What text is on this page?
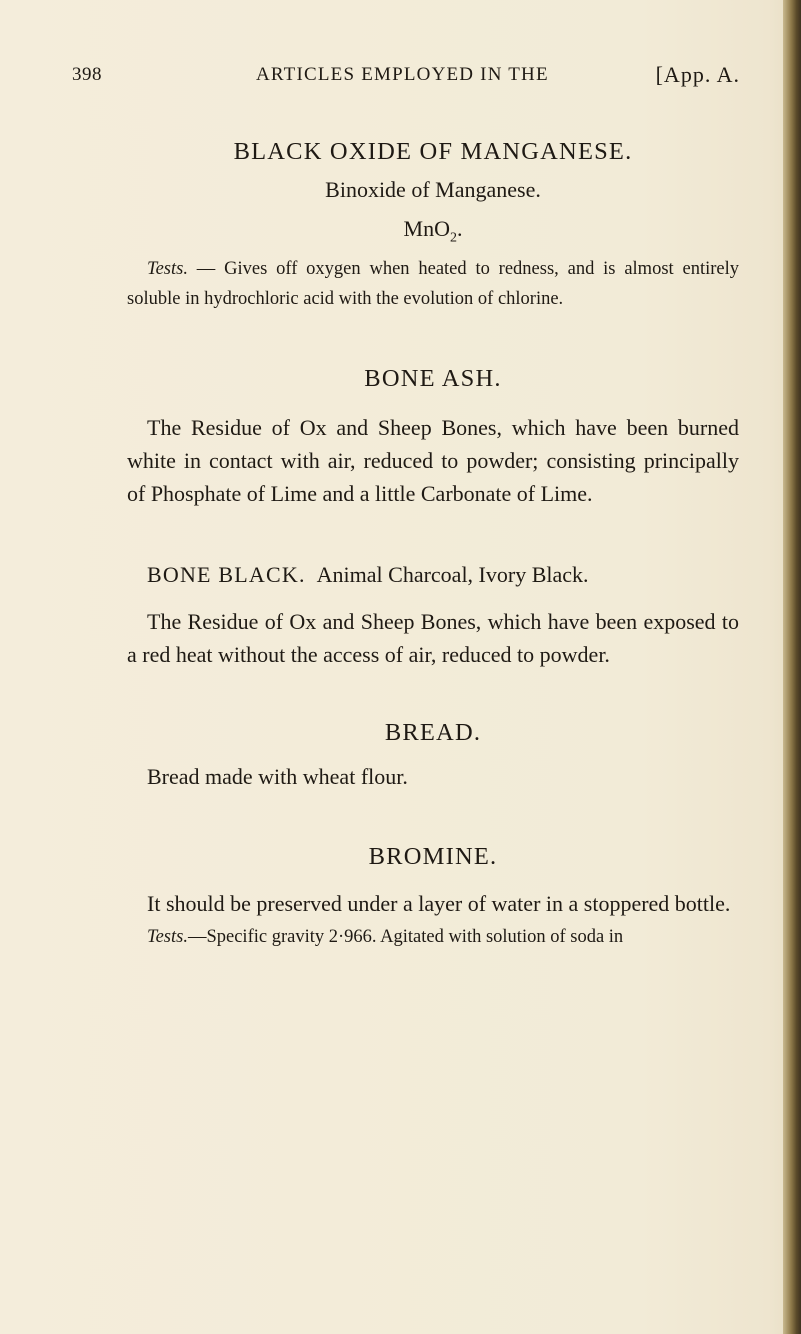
398	ARTICLES EMPLOYED IN THE	[App. A.
BLACK OXIDE OF MANGANESE.

Binoxide of Manganese.

MnO$_2$.

Tests. — Gives off oxygen when heated to redness, and is almost entirely soluble in hydrochloric acid with the evolution of chlorine.

BONE ASH.

The Residue of Ox and Sheep Bones, which have been burned white in contact with air, reduced to powder; consisting principally of Phosphate of Lime and a little Carbonate of Lime.

BONE BLACK. Animal Charcoal, Ivory Black.

The Residue of Ox and Sheep Bones, which have been exposed to a red heat without the access of air, reduced to powder.

BREAD.

Bread made with wheat flour.

BROMINE.

It should be preserved under a layer of water in a stoppered bottle.

Tests.—Specific gravity 2·966. Agitated with solution of soda in
